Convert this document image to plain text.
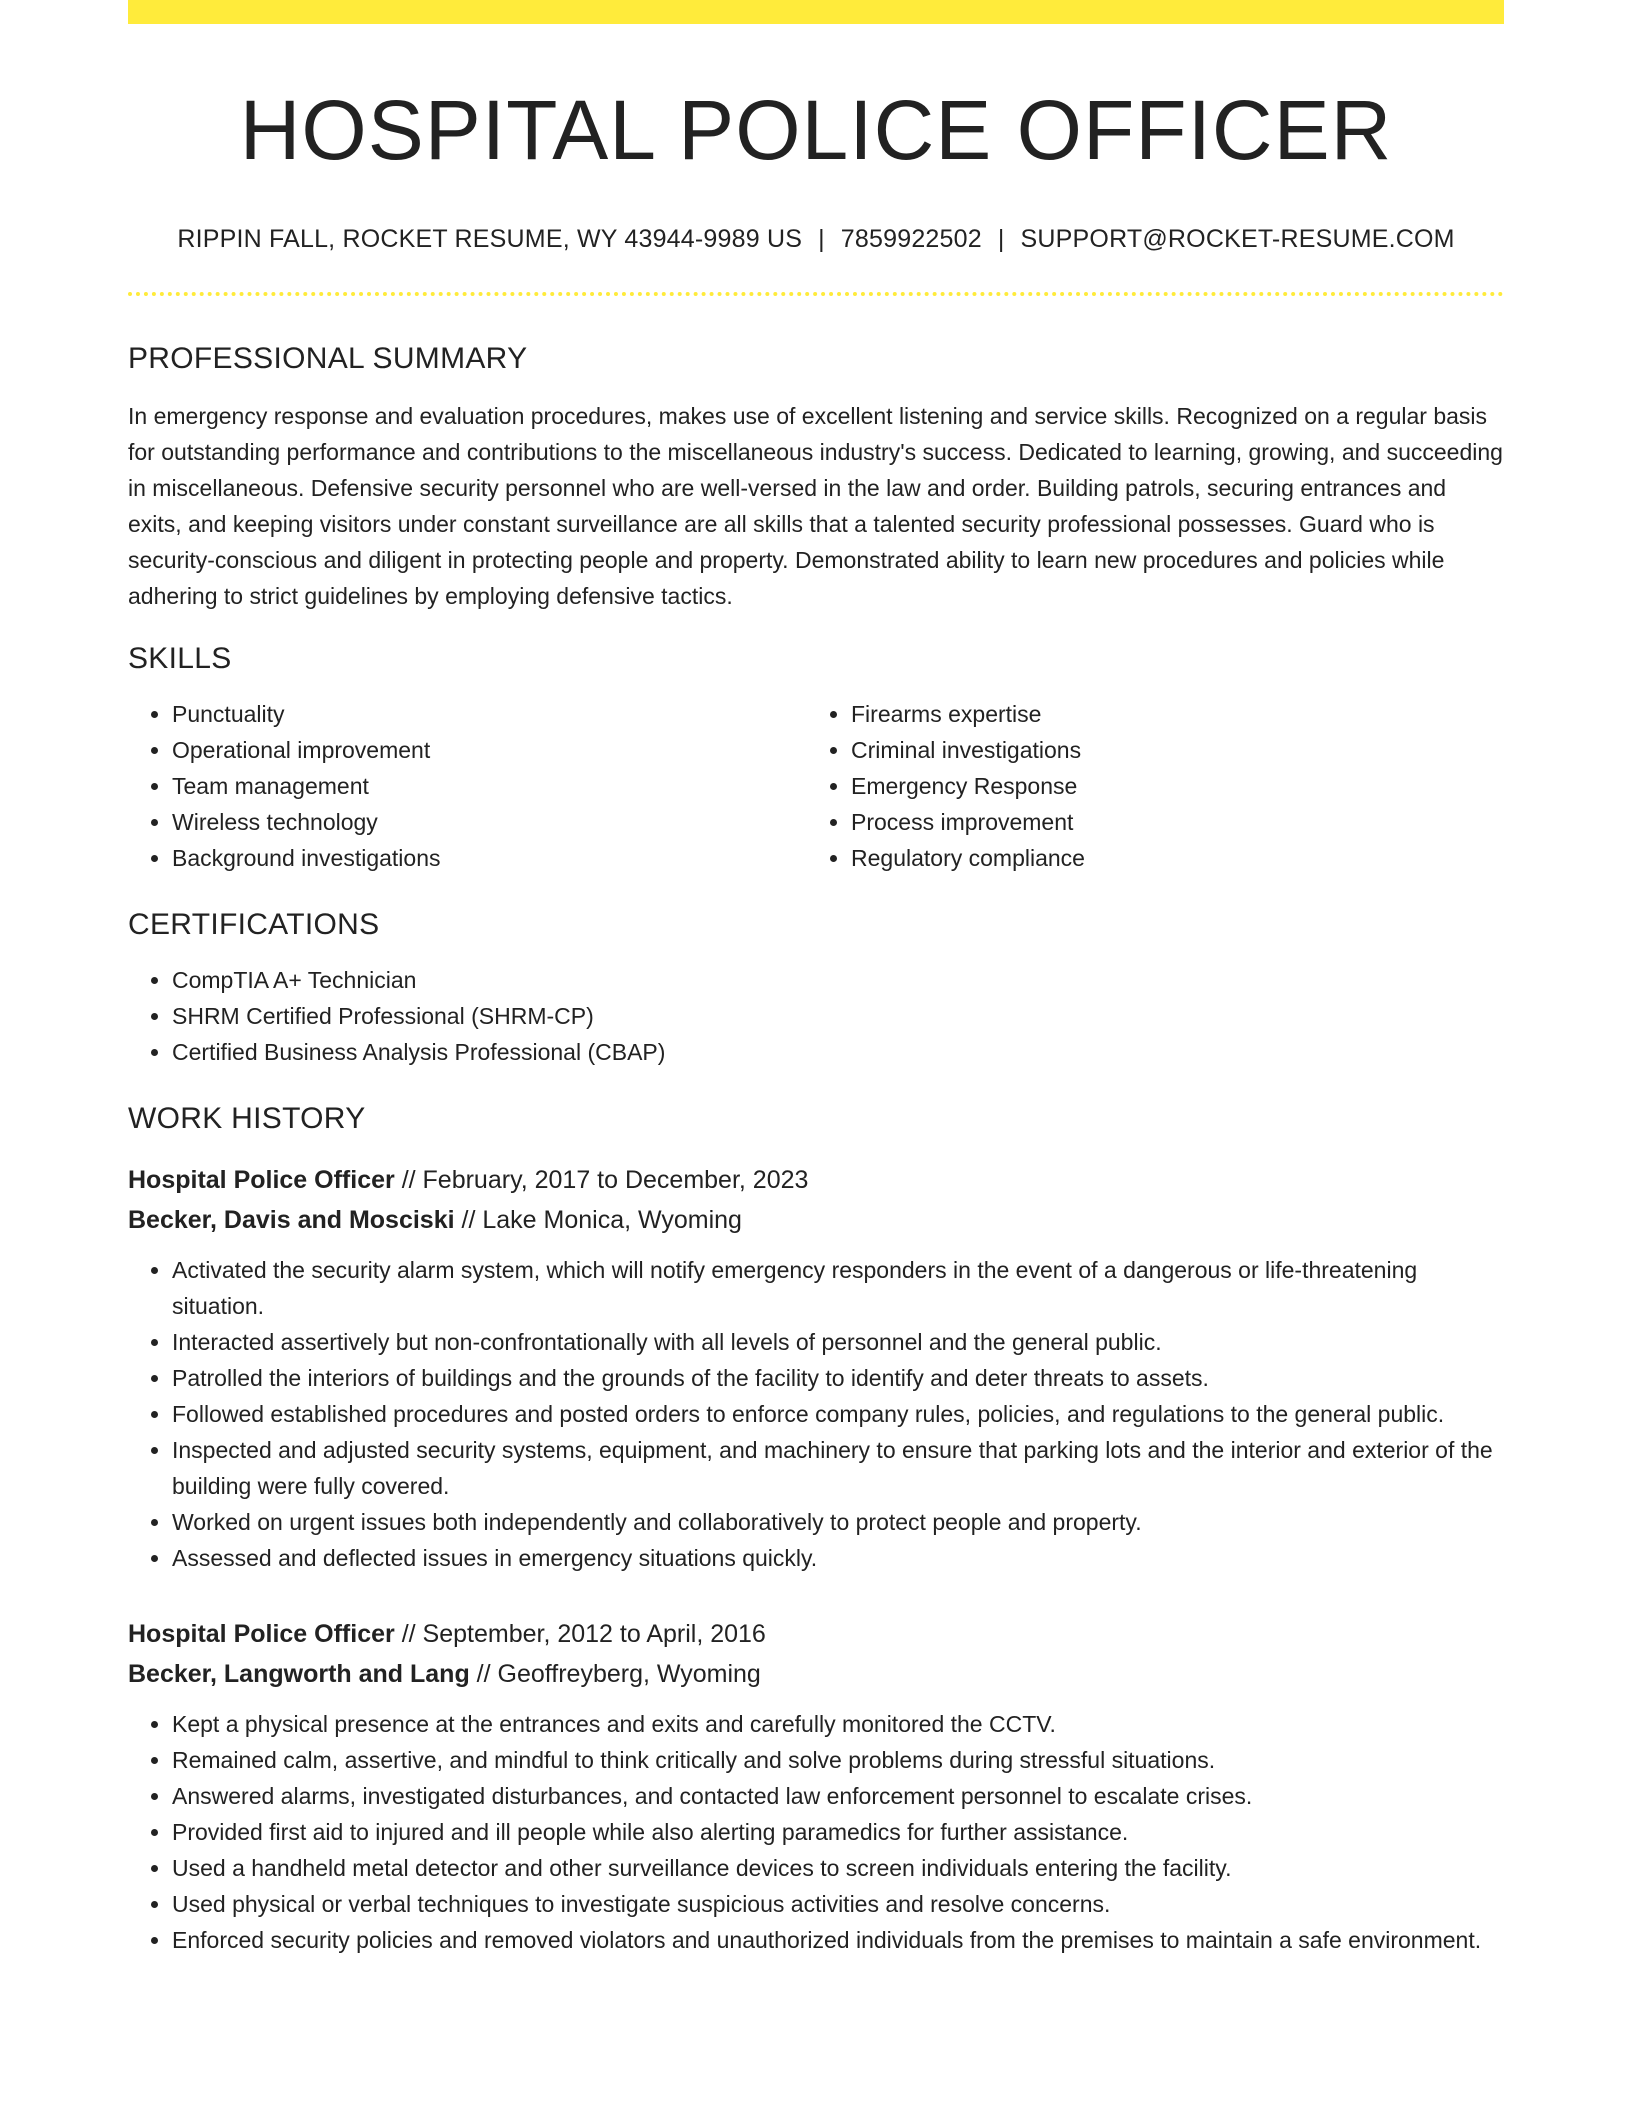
HOSPITAL POLICE OFFICER
RIPPIN FALL, ROCKET RESUME, WY 43944-9989 US | 7859922502 | SUPPORT@ROCKET-RESUME.COM
PROFESSIONAL SUMMARY

In emergency response and evaluation procedures, makes use of excellent listening and service skills. Recognized on a regular basis for outstanding performance and contributions to the miscellaneous industry's success. Dedicated to learning, growing, and succeeding in miscellaneous. Defensive security personnel who are well-versed in the law and order. Building patrols, securing entrances and exits, and keeping visitors under constant surveillance are all skills that a talented security professional possesses. Guard who is security-conscious and diligent in protecting people and property. Demonstrated ability to learn new procedures and policies while adhering to strict guidelines by employing defensive tactics.

SKILLS
• Punctuality
• Operational improvement
• Team management
• Wireless technology
• Background investigations
• Firearms expertise
• Criminal investigations
• Emergency Response
• Process improvement
• Regulatory compliance
CERTIFICATIONS
• CompTIA A+ Technician
• SHRM Certified Professional (SHRM-CP)
• Certified Business Analysis Professional (CBAP)
WORK HISTORY
Hospital Police Officer // February, 2017 to December, 2023
Becker, Davis and Mosciski // Lake Monica, Wyoming
• Activated the security alarm system, which will notify emergency responders in the event of a dangerous or life-threatening situation.
• Interacted assertively but non-confrontationally with all levels of personnel and the general public.
• Patrolled the interiors of buildings and the grounds of the facility to identify and deter threats to assets.
• Followed established procedures and posted orders to enforce company rules, policies, and regulations to the general public.
• Inspected and adjusted security systems, equipment, and machinery to ensure that parking lots and the interior and exterior of the building were fully covered.
• Worked on urgent issues both independently and collaboratively to protect people and property.
• Assessed and deflected issues in emergency situations quickly.
Hospital Police Officer // September, 2012 to April, 2016
Becker, Langworth and Lang // Geoffreyberg, Wyoming
• Kept a physical presence at the entrances and exits and carefully monitored the CCTV.
• Remained calm, assertive, and mindful to think critically and solve problems during stressful situations.
• Answered alarms, investigated disturbances, and contacted law enforcement personnel to escalate crises.
• Provided first aid to injured and ill people while also alerting paramedics for further assistance.
• Used a handheld metal detector and other surveillance devices to screen individuals entering the facility.
• Used physical or verbal techniques to investigate suspicious activities and resolve concerns.
• Enforced security policies and removed violators and unauthorized individuals from the premises to maintain a safe environment.
